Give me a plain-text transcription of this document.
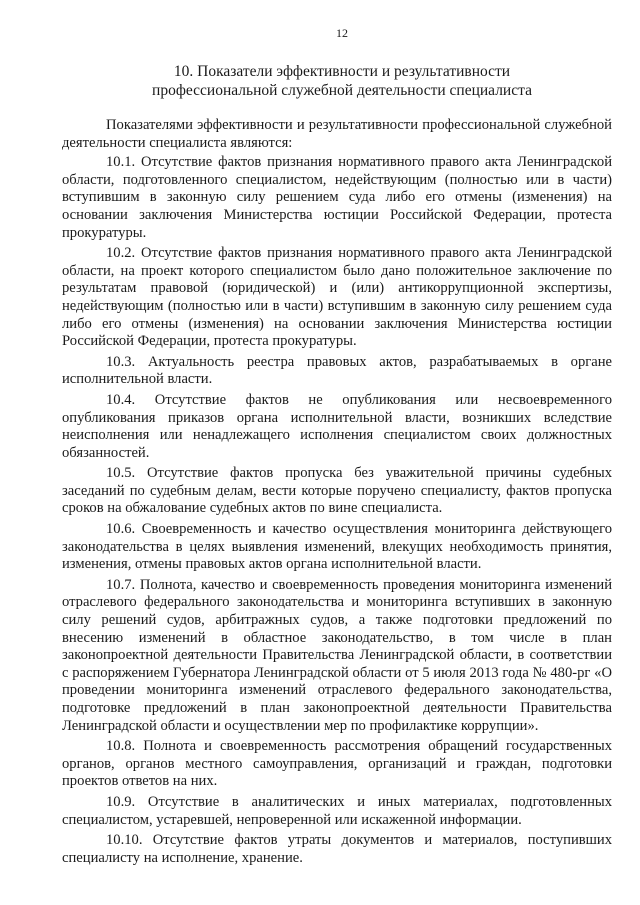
12
10. Показатели эффективности и результативности
профессиональной служебной деятельности специалиста

Показателями эффективности и результативности профессиональной служебной деятельности специалиста являются:

10.1. Отсутствие фактов признания нормативного правого акта Ленинградской области, подготовленного специалистом, недействующим (полностью или в части) вступившим в законную силу решением суда либо его отмены (изменения) на основании заключения Министерства юстиции Российской Федерации, протеста прокуратуры.

10.2. Отсутствие фактов признания нормативного правого акта Ленинградской области, на проект которого специалистом было дано положительное заключение по результатам правовой (юридической) и (или) антикоррупционной экспертизы, недействующим (полностью или в части) вступившим в законную силу решением суда либо его отмены (изменения) на основании заключения Министерства юстиции Российской Федерации, протеста прокуратуры.

10.3. Актуальность реестра правовых актов, разрабатываемых в органе исполнительной власти.

10.4. Отсутствие фактов не опубликования или несвоевременного опубликования приказов органа исполнительной власти, возникших вследствие неисполнения или ненадлежащего исполнения специалистом своих должностных обязанностей.

10.5. Отсутствие фактов пропуска без уважительной причины судебных заседаний по судебным делам, вести которые поручено специалисту, фактов пропуска сроков на обжалование судебных актов по вине специалиста.

10.6. Своевременность и качество осуществления мониторинга действующего законодательства в целях выявления изменений, влекущих необходимость принятия, изменения, отмены правовых актов органа исполнительной власти.

10.7. Полнота, качество и своевременность проведения мониторинга изменений отраслевого федерального законодательства и мониторинга вступивших в законную силу решений судов, арбитражных судов, а также подготовки предложений по внесению изменений в областное законодательство, в том числе в план законопроектной деятельности Правительства Ленинградской области, в соответствии с распоряжением Губернатора Ленинградской области от 5 июля 2013 года № 480-рг «О проведении мониторинга изменений отраслевого федерального законодательства, подготовке предложений в план законопроектной деятельности Правительства Ленинградской области и осуществлении мер по профилактике коррупции».

10.8. Полнота и своевременность рассмотрения обращений государственных органов, органов местного самоуправления, организаций и граждан, подготовки проектов ответов на них.

10.9. Отсутствие в аналитических и иных материалах, подготовленных специалистом, устаревшей, непроверенной или искаженной информации.

10.10. Отсутствие фактов утраты документов и материалов, поступивших специалисту на исполнение, хранение.
